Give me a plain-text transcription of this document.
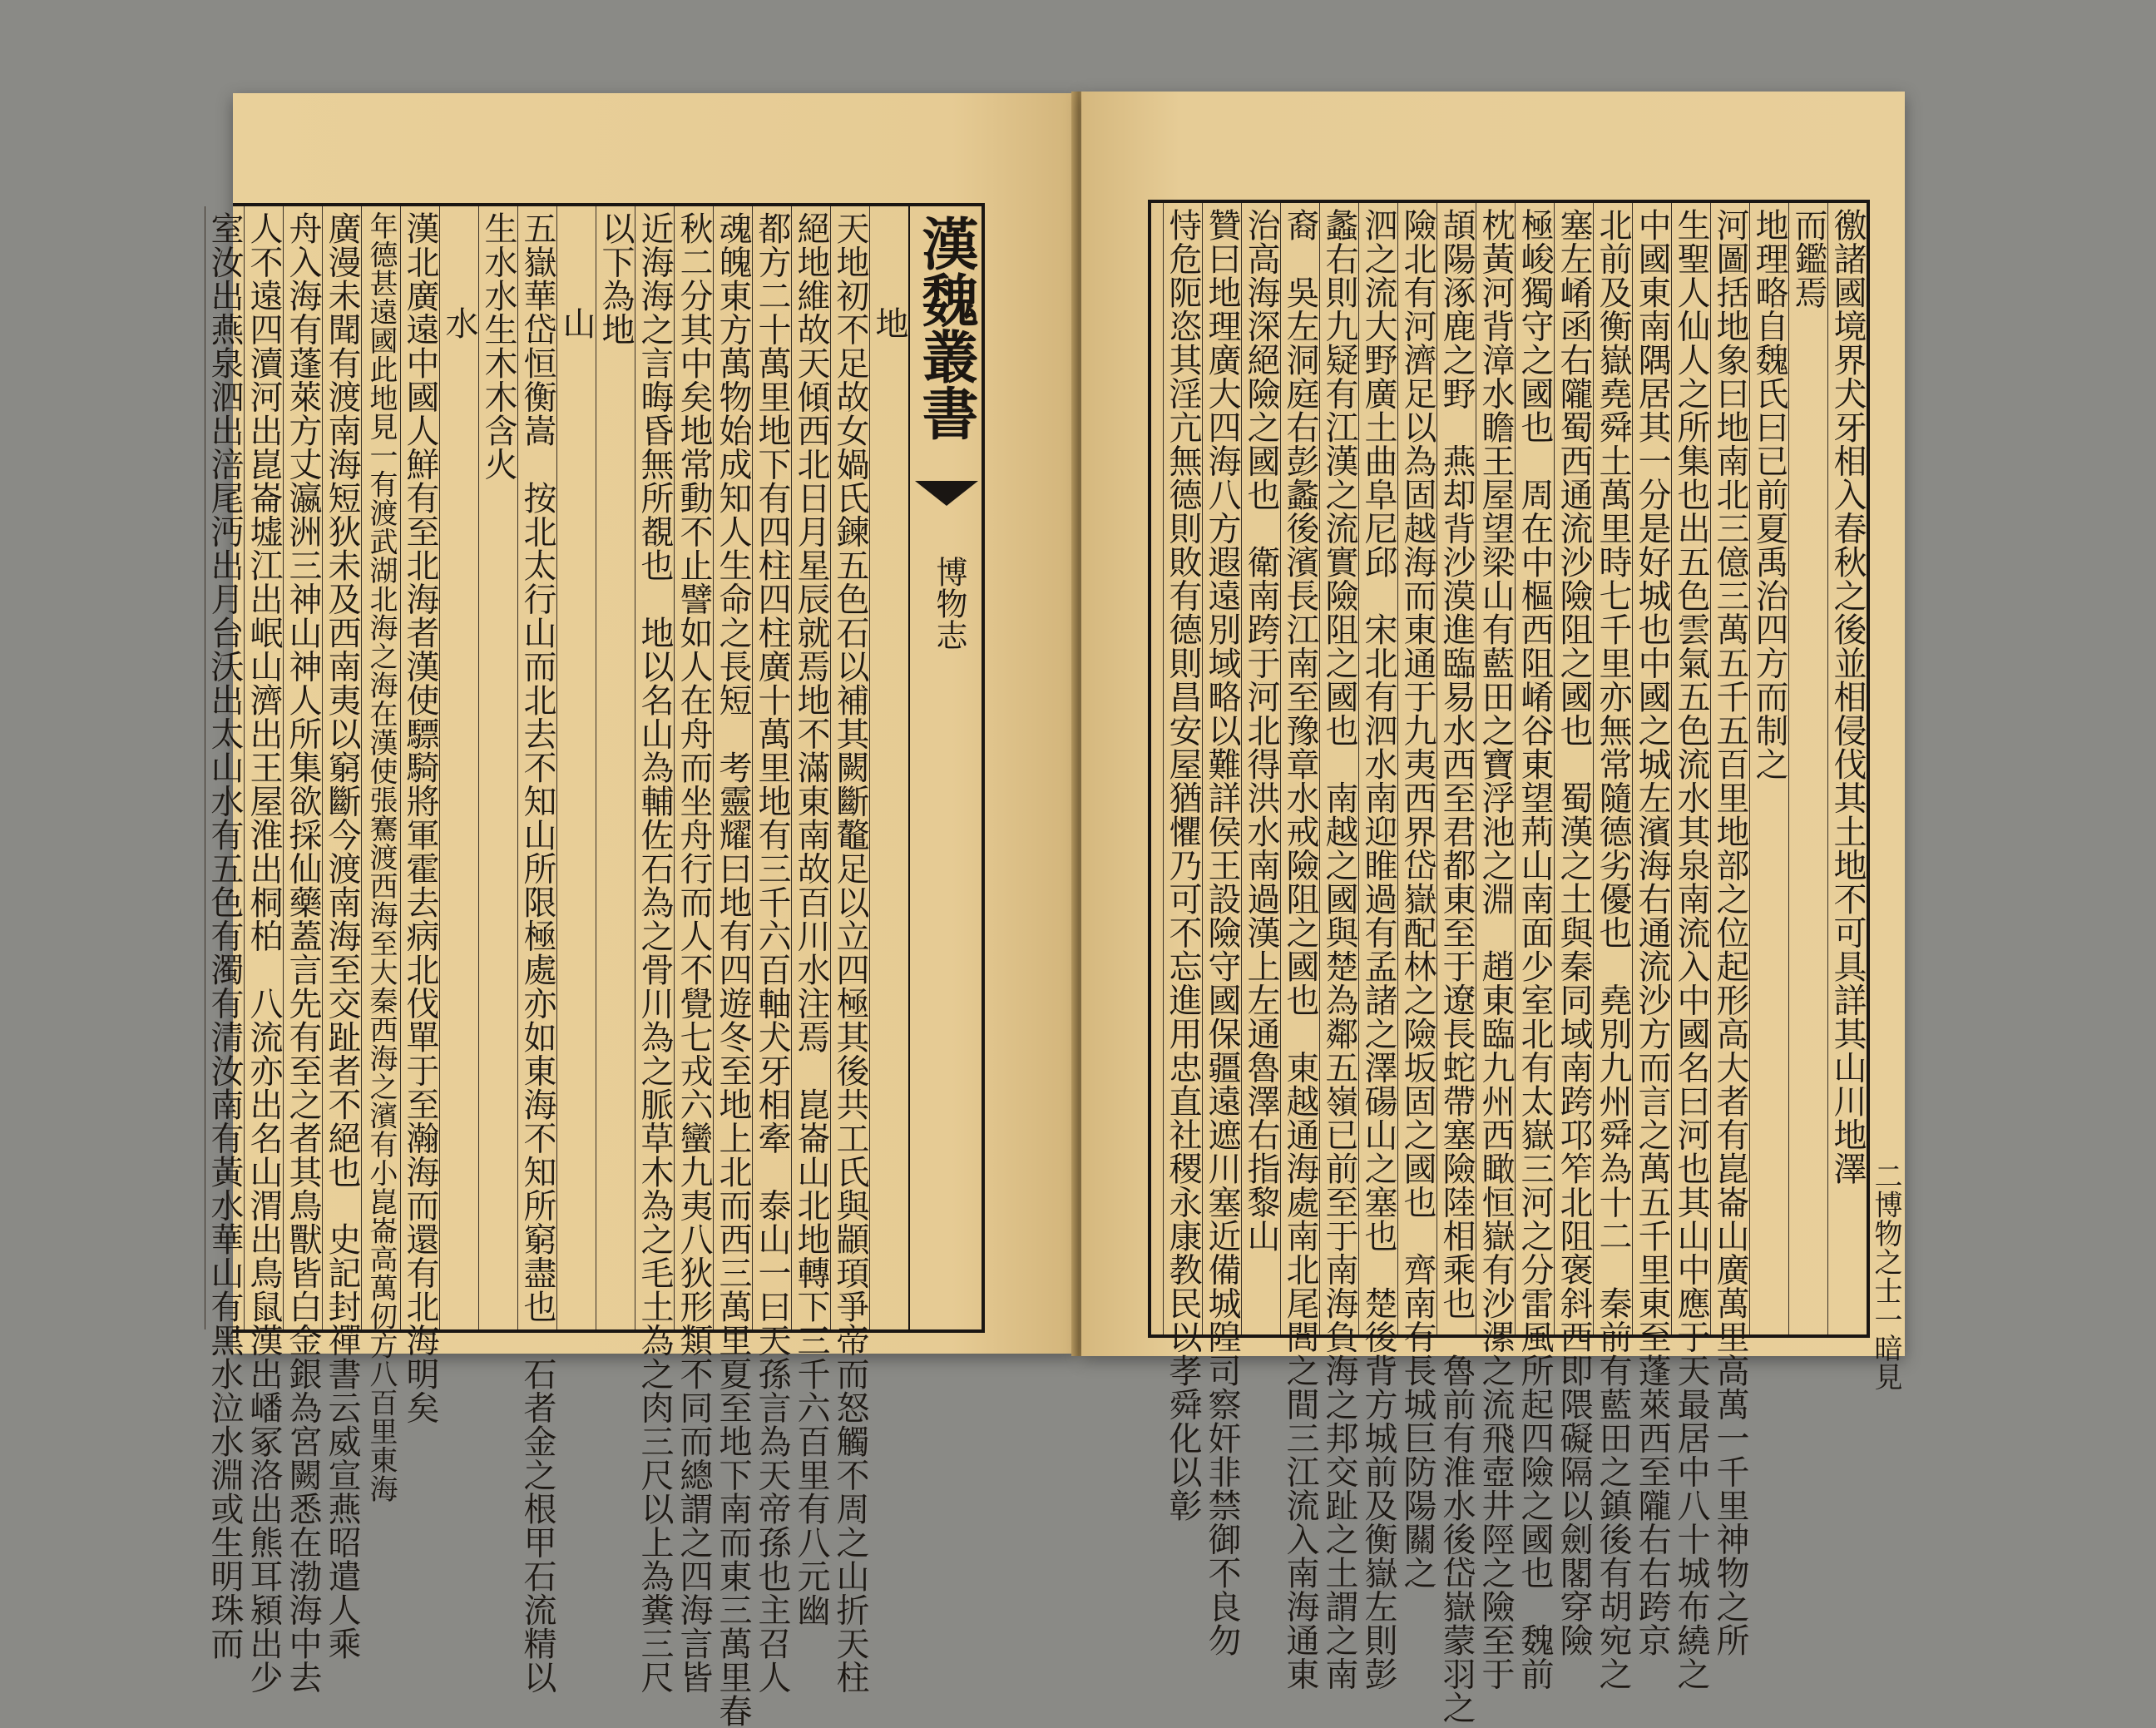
漢魏叢書
博物志
地
天地初不足故女媧氏鍊五色石以補其闕斷鼇足以立四極其後共工氏與顓頊爭帝而怒觸不周之山折天柱
絕地維故天傾西北日月星辰就焉地不滿東南故百川水注焉　崑崙山北地轉下三千六百里有八元幽
都方二十萬里地下有四柱四柱廣十萬里地有三千六百軸犬牙相牽　泰山一曰天孫言為天帝孫也主召人
魂魄東方萬物始成知人生命之長短　考靈耀曰地有四遊冬至地上北而西三萬里夏至地下南而東三萬里春
秋二分其中矣地常動不止譬如人在舟而坐舟行而人不覺七戎六蠻九夷八狄形類不同而總謂之四海言皆
近海海之言晦昏無所覩也　地以名山為輔佐石為之骨川為之脈草木為之毛土為之肉三尺以上為糞三尺
以下為地
山
五嶽華岱恒衡嵩　按北太行山而北去不知山所限極處亦如東海不知所窮盡也　石者金之根甲石流精以
生水水生木木含火
水
漢北廣遠中國人鮮有至北海者漢使驃騎將軍霍去病北伐單于至瀚海而還有北海明矣
年德甚遠國此地見一有渡武湖北海之海在漢使張騫渡西海至大秦西海之濱有小崑崙高萬仞方八百里東海
廣漫未聞有渡南海短狄未及西南夷以窮斷今渡南海至交趾者不絕也　史記封禪書云威宣燕昭遣人乘
舟入海有蓬萊方丈瀛洲三神山神人所集欲採仙藥蓋言先有至之者其鳥獸皆白金銀為宮闕悉在渤海中去
人不遠四瀆河出崑崙墟江出岷山濟出王屋淮出桐柏　八流亦出名山渭出鳥鼠漢出嶓冢洛出熊耳潁出少
室汝出燕泉泗出涪尾沔出月台沃出太山水有五色有濁有清汝南有黃水華山有黑水泣水淵或生明珠而	徼諸國境界犬牙相入春秋之後並相侵伐其土地不可具詳其山川地澤
而鑑焉
地理略自魏氏曰已前夏禹治四方而制之
河圖括地象曰地南北三億三萬五千五百里地部之位起形高大者有崑崙山廣萬里高萬一千里神物之所
生聖人仙人之所集也出五色雲氣五色流水其泉南流入中國名曰河也其山中應于天最居中八十城布繞之
中國東南隅居其一分是好城也中國之城左濱海右通流沙方而言之萬五千里東至蓬萊西至隴右右跨京
北前及衡嶽堯舜土萬里時七千里亦無常隨德劣優也　堯別九州舜為十二　秦前有藍田之鎮後有胡宛之
塞左崤函右隴蜀西通流沙險阻之國也　蜀漢之土與秦同域南跨邛笮北阻褒斜西即隈礙隔以劍閣穿險
極峻獨守之國也　周在中樞西阻崤谷東望荊山南面少室北有太嶽三河之分雷風所起四險之國也　魏前
枕黃河背漳水瞻王屋望梁山有藍田之寶浮池之淵　趙東臨九州西瞰恒嶽有沙漯之流飛壺井陘之險至于
頡陽涿鹿之野　燕却背沙漠進臨易水西至君都東至于遼長蛇帶塞險陸相乘也　魯前有淮水後岱嶽蒙羽之
險北有河濟足以為固越海而東通于九夷西界岱嶽配林之險坂固之國也　齊南有長城巨防陽關之
泗之流大野廣土曲阜尼邱　宋北有泗水南迎睢過有孟諸之澤碭山之塞也　楚後背方城前及衡嶽左則彭
蠡右則九疑有江漢之流實險阻之國也　南越之國與楚為鄰五嶺已前至于南海負海之邦交趾之土謂之南
裔　吳左洞庭右彭蠡後濱長江南至豫章水戒險阻之國也　東越通海處南北尾閭之間三江流入南海通東
治高海深絕險之國也　衛南跨于河北得洪水南過漢上左通魯澤右指黎山
贊曰地理廣大四海八方遐遠別域略以難詳侯王設險守國保疆遠遮川塞近備城隍司察奸非禁御不良勿
恃危阨恣其淫亢無德則敗有德則昌安屋猶懼乃可不忘進用忠直社稷永康教民以孝舜化以彰	二博物之士一暗見
